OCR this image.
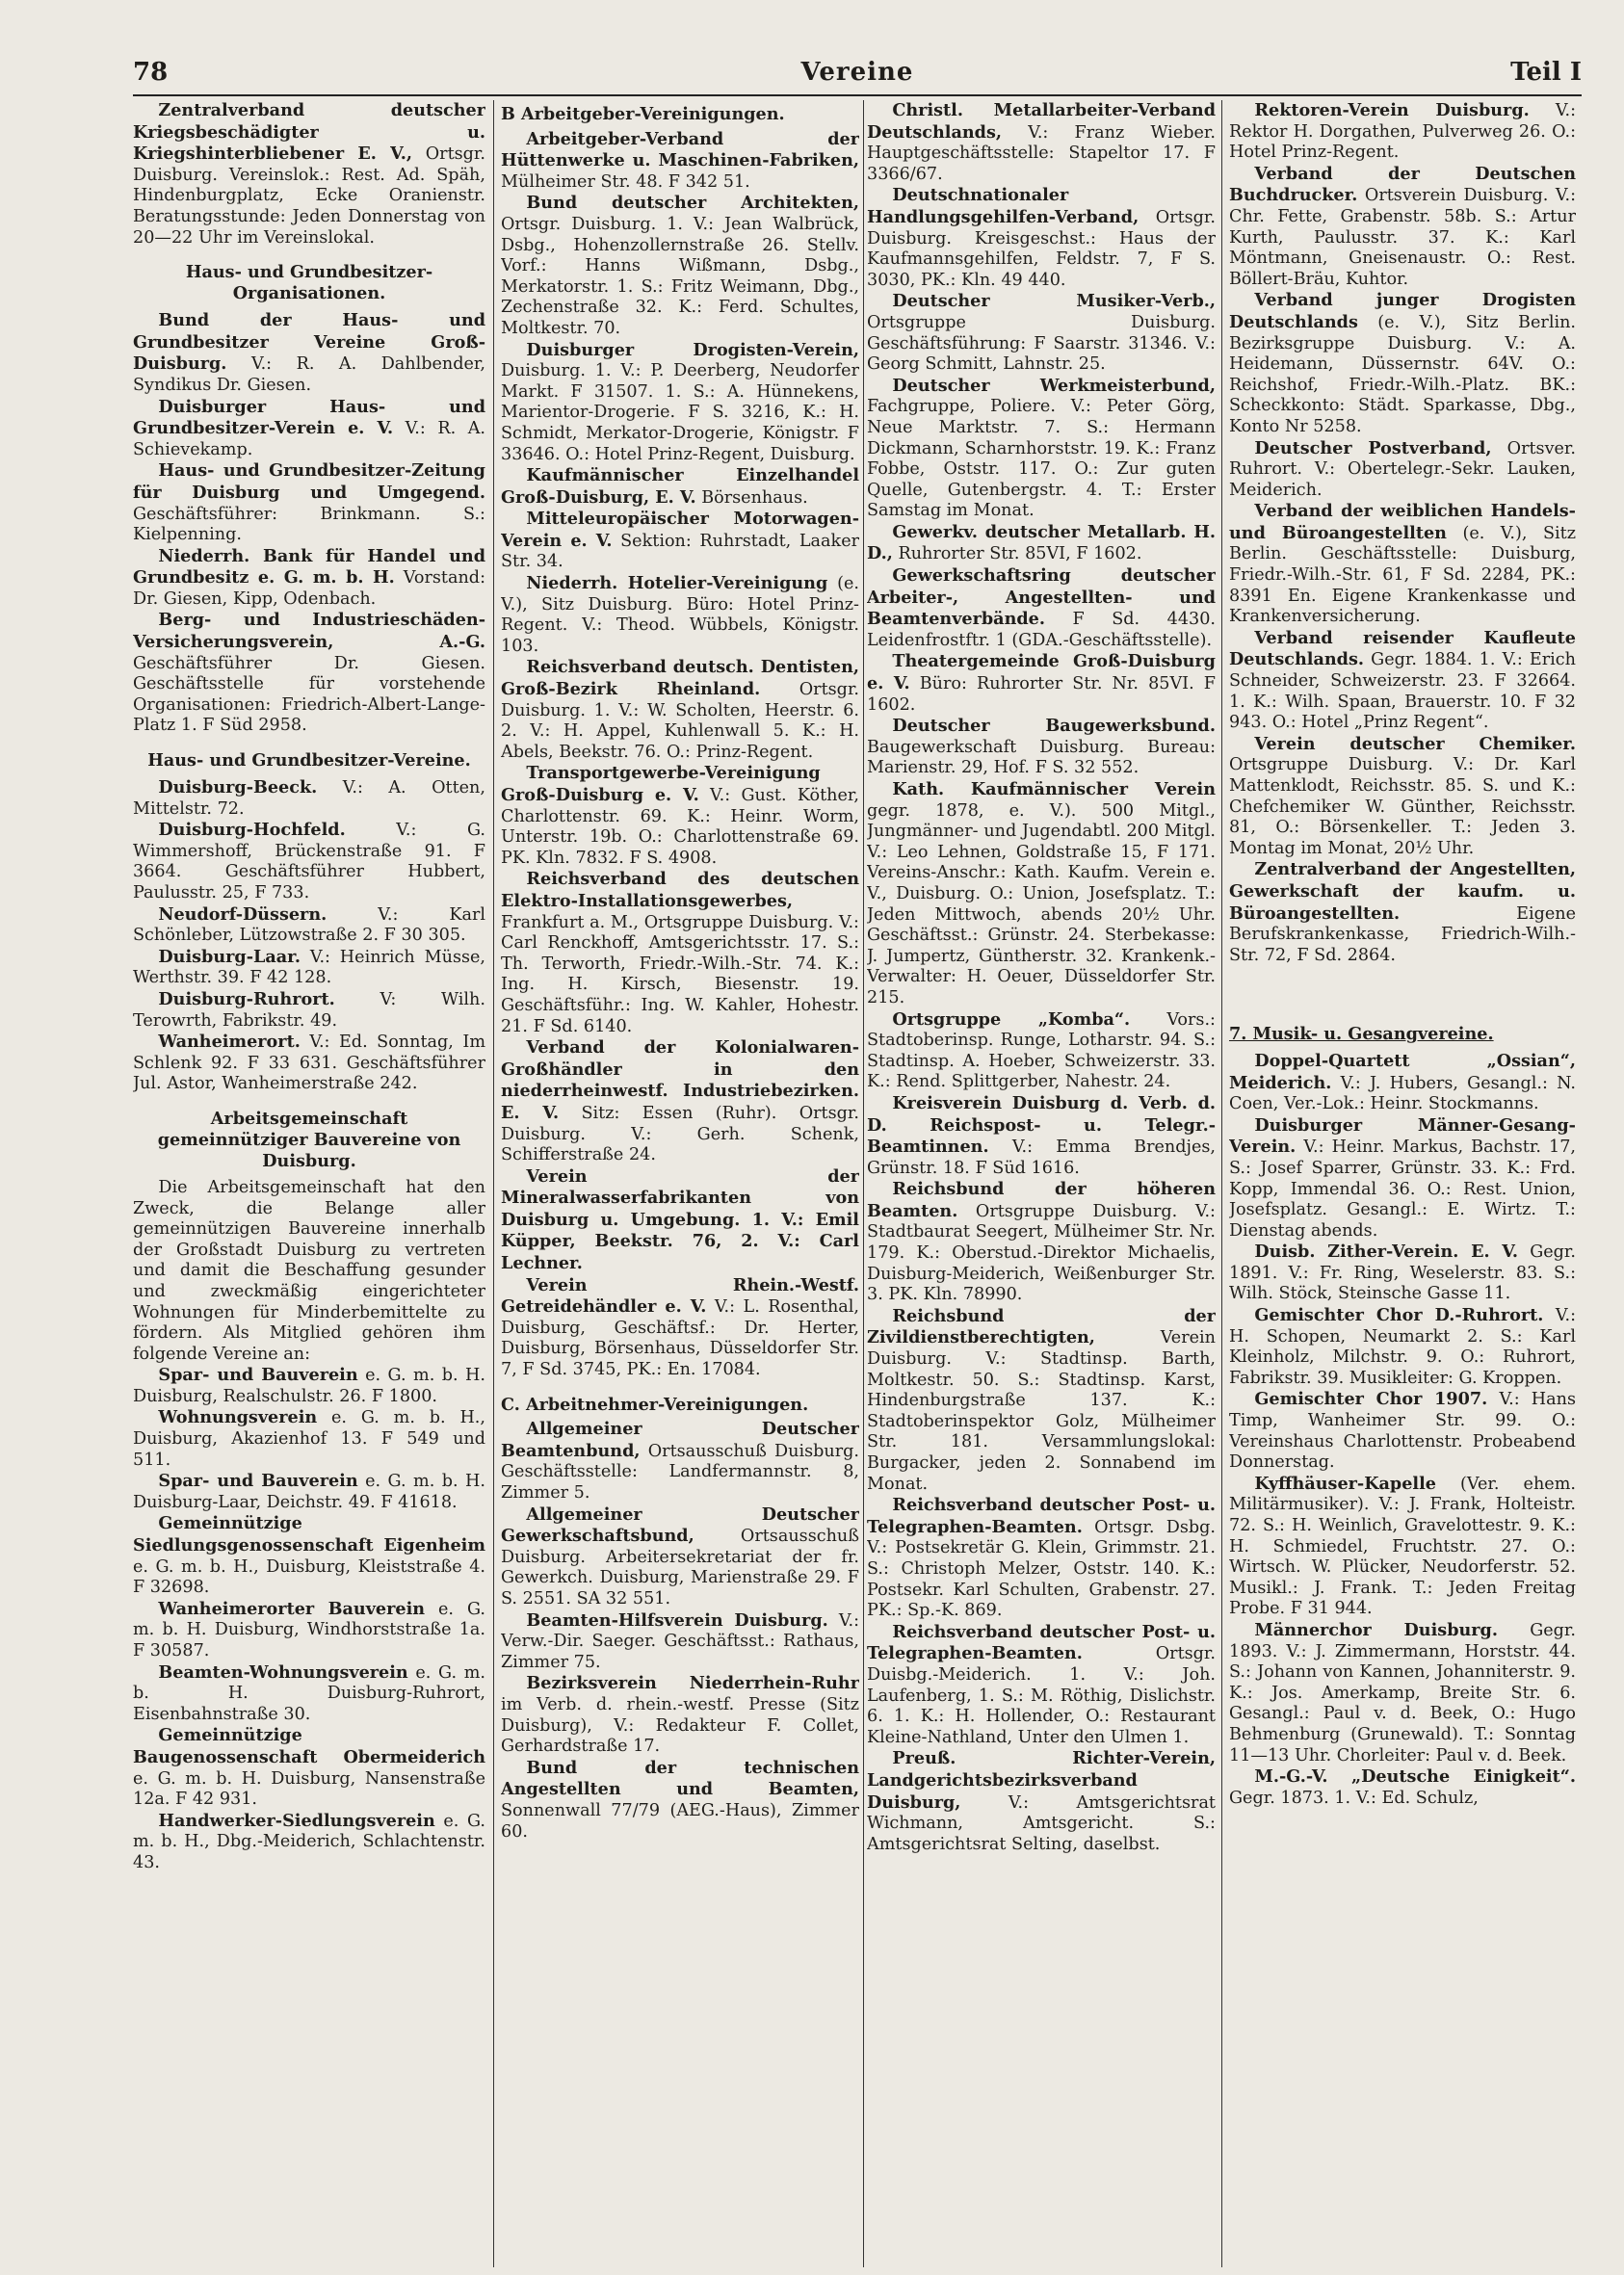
78	Vereine	Teil I

Zentralverband deutscher Kriegsbeschädigter u. Kriegshinterbliebener E. V., Ortsgr. Duisburg. Vereinslok.: Rest. Ad. Späh, Hindenburgplatz, Ecke Oranienstr. Beratungsstunde: Jeden Donnerstag von 20—22 Uhr im Vereinslokal.

Haus- und Grundbesitzer-Organisationen.

Bund der Haus- und Grundbesitzer Vereine Groß-Duisburg. V.: R. A. Dahlbender, Syndikus Dr. Giesen.

Duisburger Haus- und Grundbesitzer-Verein e. V. V.: R. A. Schievekamp.

Haus- und Grundbesitzer-Zeitung für Duisburg und Umgegend. Geschäftsführer: Brinkmann. S.: Kielpenning.

Niederrh. Bank für Handel und Grundbesitz e. G. m. b. H. Vorstand: Dr. Giesen, Kipp, Odenbach.

Berg- und Industrieschäden-Versicherungsverein, A.-G. Geschäftsführer Dr. Giesen. Geschäftsstelle für vorstehende Organisationen: Friedrich-Albert-Lange-Platz 1. F Süd 2958.

Haus- und Grundbesitzer-Vereine.

Duisburg-Beeck. V.: A. Otten, Mittelstr. 72.

Duisburg-Hochfeld.	V.: G. Wimmershoff, Brückenstraße 91. F 3664. Geschäftsführer Hubbert, Paulusstr. 25, F 733.

Neudorf-Düssern.	V.: Karl Schönleber, Lützowstraße 2. F 30 305.

Duisburg-Laar. V.: Heinrich Müsse, Werthstr. 39. F 42 128.

Duisburg-Ruhrort.	V: Wilh. Terowrth, Fabrikstr. 49.

Wanheimerort. V.: Ed. Sonntag, Im Schlenk 92. F 33 631. Geschäftsführer Jul. Astor, Wanheimerstraße 242.

Arbeitsgemeinschaft gemeinnütziger Bauvereine von Duisburg.

Die Arbeitsgemeinschaft hat den Zweck, die Belange aller gemeinnützigen Bauvereine innerhalb der Großstadt Duisburg zu vertreten und damit die Beschaffung gesunder und zweckmäßig eingerichteter Wohnungen für Minderbemittelte zu fördern. Als Mitglied gehören ihm folgende Vereine an:

Spar- und Bauverein e. G. m. b. H. Duisburg, Realschulstr. 26. F 1800.

Wohnungsverein e. G. m. b. H., Duisburg, Akazienhof 13. F 549 und 511.

Spar- und Bauverein e. G. m. b. H. Duisburg-Laar, Deichstr. 49. F 41618.

Gemeinnützige Siedlungsgenossenschaft Eigenheim e. G. m. b. H., Duisburg, Kleiststraße 4. F 32698.

Wanheimerorter Bauverein e. G. m. b. H. Duisburg, Windhorststraße 1a. F 30587.

Beamten-Wohnungsverein e. G. m. b. H. Duisburg-Ruhrort, Eisenbahnstraße 30.

Gemeinnützige Baugenossenschaft Obermeiderich e. G. m. b. H. Duisburg, Nansenstraße 12a. F 42 931.

Handwerker-Siedlungsverein e. G. m. b. H., Dbg.-Meiderich, Schlachtenstr. 43.

B Arbeitgeber-Vereinigungen.

Arbeitgeber-Verband der Hüttenwerke u. Maschinen-Fabriken, Mülheimer Str. 48. F 342 51.

Bund deutscher Architekten, Ortsgr. Duisburg. 1. V.: Jean Walbrück, Dsbg., Hohenzollernstraße 26. Stellv. Vorf.: Hanns Wißmann, Dsbg., Merkatorstr. 1. S.: Fritz Weimann, Dbg., Zechenstraße 32. K.: Ferd. Schultes, Moltkestr. 70.

Duisburger Drogisten-Verein, Duisburg. 1. V.: P. Deerberg, Neudorfer Markt. F 31507. 1. S.: A. Hünnekens, Marientor-Drogerie. F S. 3216, K.: H. Schmidt, Merkator-Drogerie, Königstr. F 33646. O.: Hotel Prinz-Regent, Duisburg.

Kaufmännischer Einzelhandel Groß-Duisburg, E. V. Börsenhaus.

Mitteleuropäischer Motorwagen-Verein e. V. Sektion: Ruhrstadt, Laaker Str. 34.

Niederrh. Hotelier-Vereinigung (e. V.), Sitz Duisburg. Büro: Hotel Prinz-Regent. V.: Theod. Wübbels, Königstr. 103.

Reichsverband deutsch. Dentisten, Groß-Bezirk Rheinland. Ortsgr. Duisburg. 1. V.: W. Scholten, Heerstr. 6. 2. V.: H. Appel, Kuhlenwall 5. K.: H. Abels, Beekstr. 76. O.: Prinz-Regent.

Transportgewerbe-Vereinigung Groß-Duisburg e. V. V.: Gust. Köther, Charlottenstr. 69. K.: Heinr. Worm, Unterstr. 19b. O.: Charlottenstraße 69. PK. Kln. 7832. F S. 4908.

Reichsverband des deutschen Elektro-Installationsgewerbes, Frankfurt a. M., Ortsgruppe Duisburg. V.: Carl Renckhoff, Amtsgerichtsstr. 17. S.: Th. Terworth, Friedr.-Wilh.-Str. 74. K.: Ing. H. Kirsch, Biesenstr. 19. Geschäftsführ.: Ing. W. Kahler, Hohestr. 21. F Sd. 6140.

Verband der Kolonialwaren-Großhändler in den niederrheinwestf. Industriebezirken. E. V. Sitz: Essen (Ruhr). Ortsgr. Duisburg. V.: Gerh. Schenk, Schifferstraße 24.

Verein der Mineralwasserfabrikanten von Duisburg u. Umgebung. 1. V.: Emil Küpper, Beekstr. 76, 2. V.: Carl Lechner.

Verein Rhein.-Westf. Getreidehändler e. V. V.: L. Rosenthal, Duisburg, Geschäftsf.: Dr. Herter, Duisburg, Börsenhaus, Düsseldorfer Str. 7, F Sd. 3745, PK.: En. 17084.

C. Arbeitnehmer-Vereinigungen.

Allgemeiner Deutscher Beamtenbund, Ortsausschuß Duisburg. Geschäftsstelle: Landfermannstr. 8, Zimmer 5.

Allgemeiner Deutscher Gewerkschaftsbund,	Ortsausschuß Duisburg. Arbeitersekretariat der fr. Gewerkch. Duisburg, Marienstraße 29. F S. 2551. SA 32 551.

Beamten-Hilfsverein Duisburg. V.: Verw.-Dir. Saeger. Geschäftsst.: Rathaus, Zimmer 75.

Bezirksverein Niederrhein-Ruhr im Verb. d. rhein.-westf. Presse (Sitz Duisburg), V.: Redakteur F. Collet, Gerhardstraße 17.

Bund der technischen Angestellten und Beamten, Sonnenwall 77/79 (AEG.-Haus), Zimmer 60.

Christl. Metallarbeiter-Verband Deutschlands, V.: Franz Wieber. Hauptgeschäftsstelle: Stapeltor 17. F 3366/67.

Deutschnationaler Handlungsgehilfen-Verband, Ortsgr. Duisburg. Kreisgeschst.: Haus der Kaufmannsgehilfen, Feldstr. 7, F S. 3030, PK.: Kln. 49 440.

Deutscher Musiker-Verb., Ortsgruppe Duisburg. Geschäftsführung: F Saarstr. 31346. V.: Georg Schmitt, Lahnstr. 25.

Deutscher Werkmeisterbund, Fachgruppe, Poliere. V.: Peter Görg, Neue Marktstr. 7. S.: Hermann Dickmann, Scharnhorststr. 19. K.: Franz Fobbe, Oststr. 117. O.: Zur guten Quelle, Gutenbergstr. 4. T.: Erster Samstag im Monat.

Gewerkv. deutscher Metallarb. H. D., Ruhrorter Str. 85VI, F 1602.

Gewerkschaftsring deutscher Arbeiter-, Angestellten- und Beamtenverbände. F Sd. 4430. Leidenfrostftr. 1 (GDA.-Geschäftsstelle).

Theatergemeinde Groß-Duisburg e. V. Büro: Ruhrorter Str. Nr. 85VI. F 1602.

Deutscher Baugewerksbund. Baugewerkschaft Duisburg. Bureau: Marienstr. 29, Hof. F S. 32 552.

Kath. Kaufmännischer Verein gegr. 1878, e. V.). 500 Mitgl., Jungmänner- und Jugendabtl. 200 Mitgl. V.: Leo Lehnen, Goldstraße 15, F 171. Vereins-Anschr.: Kath. Kaufm. Verein e. V., Duisburg. O.: Union, Josefsplatz. T.: Jeden Mittwoch, abends 20½ Uhr. Geschäftsst.: Grünstr. 24. Sterbekasse: J. Jumpertz, Güntherstr. 32. Krankenk.-Verwalter: H. Oeuer, Düsseldorfer Str. 215.

Ortsgruppe „Komba“. Vors.: Stadtoberinsp. Runge, Lotharstr. 94. S.: Stadtinsp. A. Hoeber, Schweizerstr. 33. K.: Rend. Splittgerber, Nahestr. 24.

Kreisverein Duisburg d. Verb. d. D. Reichspost- u. Telegr.-Beamtinnen. V.: Emma Brendjes, Grünstr. 18. F Süd 1616.

Reichsbund der höheren Beamten. Ortsgruppe Duisburg. V.: Stadtbaurat Seegert, Mülheimer Str. Nr. 179. K.: Oberstud.-Direktor Michaelis, Duisburg-Meiderich, Weißenburger Str. 3. PK. Kln. 78990.

Reichsbund der Zivildienstberechtigten,	Verein Duisburg. V.: Stadtinsp. Barth, Moltkestr. 50. S.: Stadtinsp. Karst, Hindenburgstraße 137. K.: Stadtoberinspektor Golz, Mülheimer Str. 181. Versammlungslokal: Burgacker, jeden 2. Sonnabend im Monat.

Reichsverband deutscher Post- u. Telegraphen-Beamten. Ortsgr. Dsbg. V.: Postsekretär G. Klein, Grimmstr. 21. S.: Christoph Melzer, Oststr. 140. K.: Postsekr. Karl Schulten, Grabenstr. 27. PK.: Sp.-K. 869.

Reichsverband deutscher Post- u. Telegraphen-Beamten.	Ortsgr. Duisbg.-Meiderich. 1. V.: Joh. Laufenberg, 1. S.: M. Röthig, Dislichstr. 6. 1. K.: H. Hollender, O.: Restaurant Kleine-Nathland, Unter den Ulmen 1.

Preuß. Richter-Verein, Landgerichtsbezirksverband Duisburg,	V.: Amtsgerichtsrat Wichmann, Amtsgericht. S.: Amtsgerichtsrat Selting, daselbst.

Rektoren-Verein Duisburg. V.: Rektor H. Dorgathen, Pulverweg 26. O.: Hotel Prinz-Regent.

Verband der Deutschen Buchdrucker. Ortsverein Duisburg. V.: Chr. Fette, Grabenstr. 58b. S.: Artur Kurth, Paulusstr. 37. K.: Karl Möntmann, Gneisenaustr. O.: Rest. Böllert-Bräu, Kuhtor.

Verband junger Drogisten Deutschlands (e. V.), Sitz Berlin. Bezirksgruppe Duisburg. V.: A. Heidemann, Düssernstr. 64V. O.: Reichshof, Friedr.-Wilh.-Platz. BK.: Scheckkonto: Städt. Sparkasse, Dbg., Konto Nr 5258.

Deutscher Postverband, Ortsver. Ruhrort. V.: Obertelegr.-Sekr. Lauken, Meiderich.

Verband der weiblichen Handels- und Büroangestellten (e. V.), Sitz Berlin. Geschäftsstelle: Duisburg, Friedr.-Wilh.-Str. 61, F Sd. 2284, PK.: 8391 En. Eigene Krankenkasse und Krankenversicherung.

Verband reisender Kaufleute Deutschlands. Gegr. 1884. 1. V.: Erich Schneider, Schweizerstr. 23. F 32664. 1. K.: Wilh. Spaan, Brauerstr. 10. F 32 943. O.: Hotel „Prinz Regent“.

Verein deutscher Chemiker. Ortsgruppe Duisburg. V.: Dr. Karl Mattenklodt, Reichsstr. 85. S. und K.: Chefchemiker W. Günther, Reichsstr. 81, O.: Börsenkeller. T.: Jeden 3. Montag im Monat, 20½ Uhr.

Zentralverband der Angestellten, Gewerkschaft der kaufm. u. Büroangestellten.	Eigene Berufskrankenkasse, Friedrich-Wilh.-Str. 72, F Sd. 2864.

7. Musik- u. Gesangvereine.

Doppel-Quartett „Ossian“, Meiderich. V.: J. Hubers, Gesangl.: N. Coen, Ver.-Lok.: Heinr. Stockmanns.

Duisburger Männer-Gesang-Verein. V.: Heinr. Markus, Bachstr. 17, S.: Josef Sparrer, Grünstr. 33. K.: Frd. Kopp, Immendal 36. O.: Rest. Union, Josefsplatz. Gesangl.: E. Wirtz. T.: Dienstag abends.

Duisb. Zither-Verein. E. V. Gegr. 1891. V.: Fr. Ring, Weselerstr. 83. S.: Wilh. Stöck, Steinsche Gasse 11.

Gemischter Chor D.-Ruhrort. V.: H. Schopen, Neumarkt 2. S.: Karl Kleinholz, Milchstr. 9. O.: Ruhrort, Fabrikstr. 39. Musikleiter: G. Kroppen.

Gemischter Chor 1907. V.: Hans Timp, Wanheimer Str. 99. O.: Vereinshaus Charlottenstr. Probeabend Donnerstag.

Kyffhäuser-Kapelle (Ver. ehem. Militärmusiker). V.: J. Frank, Holteistr. 72. S.: H. Weinlich, Gravelottestr. 9. K.: H. Schmiedel, Fruchtstr. 27. O.: Wirtsch. W. Plücker, Neudorferstr. 52. Musikl.: J. Frank. T.: Jeden Freitag Probe. F 31 944.

Männerchor Duisburg. Gegr. 1893. V.: J. Zimmermann, Horststr. 44. S.: Johann von Kannen, Johanniterstr. 9. K.: Jos. Amerkamp, Breite Str. 6. Gesangl.: Paul v. d. Beek, O.: Hugo Behmenburg (Grunewald). T.: Sonntag 11—13 Uhr. Chorleiter: Paul v. d. Beek.

M.-G.-V. „Deutsche Einigkeit“. Gegr. 1873. 1. V.: Ed. Schulz,
